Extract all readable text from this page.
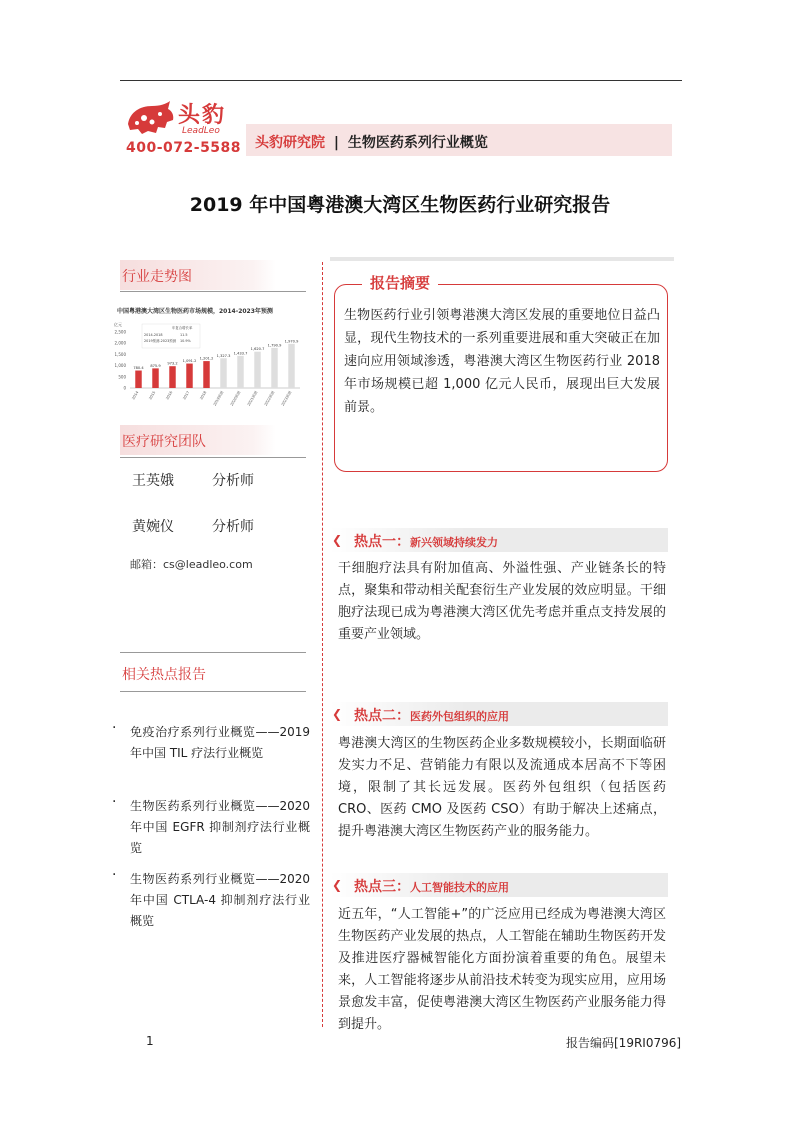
头豹
LeadLeo
400-072-5588 头豹研究院 | 生物医药系列行业概览
2019 年中国粤港澳大湾区生物医药行业研究报告
行业走势图
中国粤港澳大湾区生物医药市场规模，2014-2023年预测
亿元
2,500
2,000
1,500
1,000
500
0
780.4
2014
875.9
2015
973.2
2016
1,091.2
2017
1,201.2
2018
1,327.3
2019预测
1,433.7
2020预测
1,620.7
2021预测
1,790.9
2022预测
1,970.9
2023预测
年复合增长率
2014-2018	11.5
2019预测-2023预测 10.9%
医疗研究团队
王英娥	分析师
黄婉仪	分析师
邮箱：cs@leadleo.com
相关热点报告
·	免疫治疗系列行业概览——2019 年中国 TIL 疗法行业概览
·	生物医药系列行业概览——2020 年中国 EGFR 抑制剂疗法行业概览
·	生物医药系列行业概览——2020 年中国 CTLA-4 抑制剂疗法行业概览
报告摘要
生物医药行业引领粤港澳大湾区发展的重要地位日益凸显，现代生物技术的一系列重要进展和重大突破正在加速向应用领域渗透，粤港澳大湾区生物医药行业 2018 年市场规模已超 1,000 亿元人民币，展现出巨大发展前景。
❮ 热点一：新兴领域持续发力
干细胞疗法具有附加值高、外溢性强、产业链条长的特点，聚集和带动相关配套衍生产业发展的效应明显。干细胞疗法现已成为粤港澳大湾区优先考虑并重点支持发展的重要产业领域。
❮ 热点二：医药外包组织的应用
粤港澳大湾区的生物医药企业多数规模较小，长期面临研发实力不足、营销能力有限以及流通成本居高不下等困境，限制了其长远发展。医药外包组织（包括医药 CRO、医药 CMO 及医药 CSO）有助于解决上述痛点，提升粤港澳大湾区生物医药产业的服务能力。
❮ 热点三：人工智能技术的应用
近五年，“人工智能+”的广泛应用已经成为粤港澳大湾区生物医药产业发展的热点，人工智能在辅助生物医药开发及推进医疗器械智能化方面扮演着重要的角色。展望未来，人工智能将逐步从前沿技术转变为现实应用，应用场景愈发丰富，促使粤港澳大湾区生物医药产业服务能力得到提升。
1	报告编码[19RI0796]
